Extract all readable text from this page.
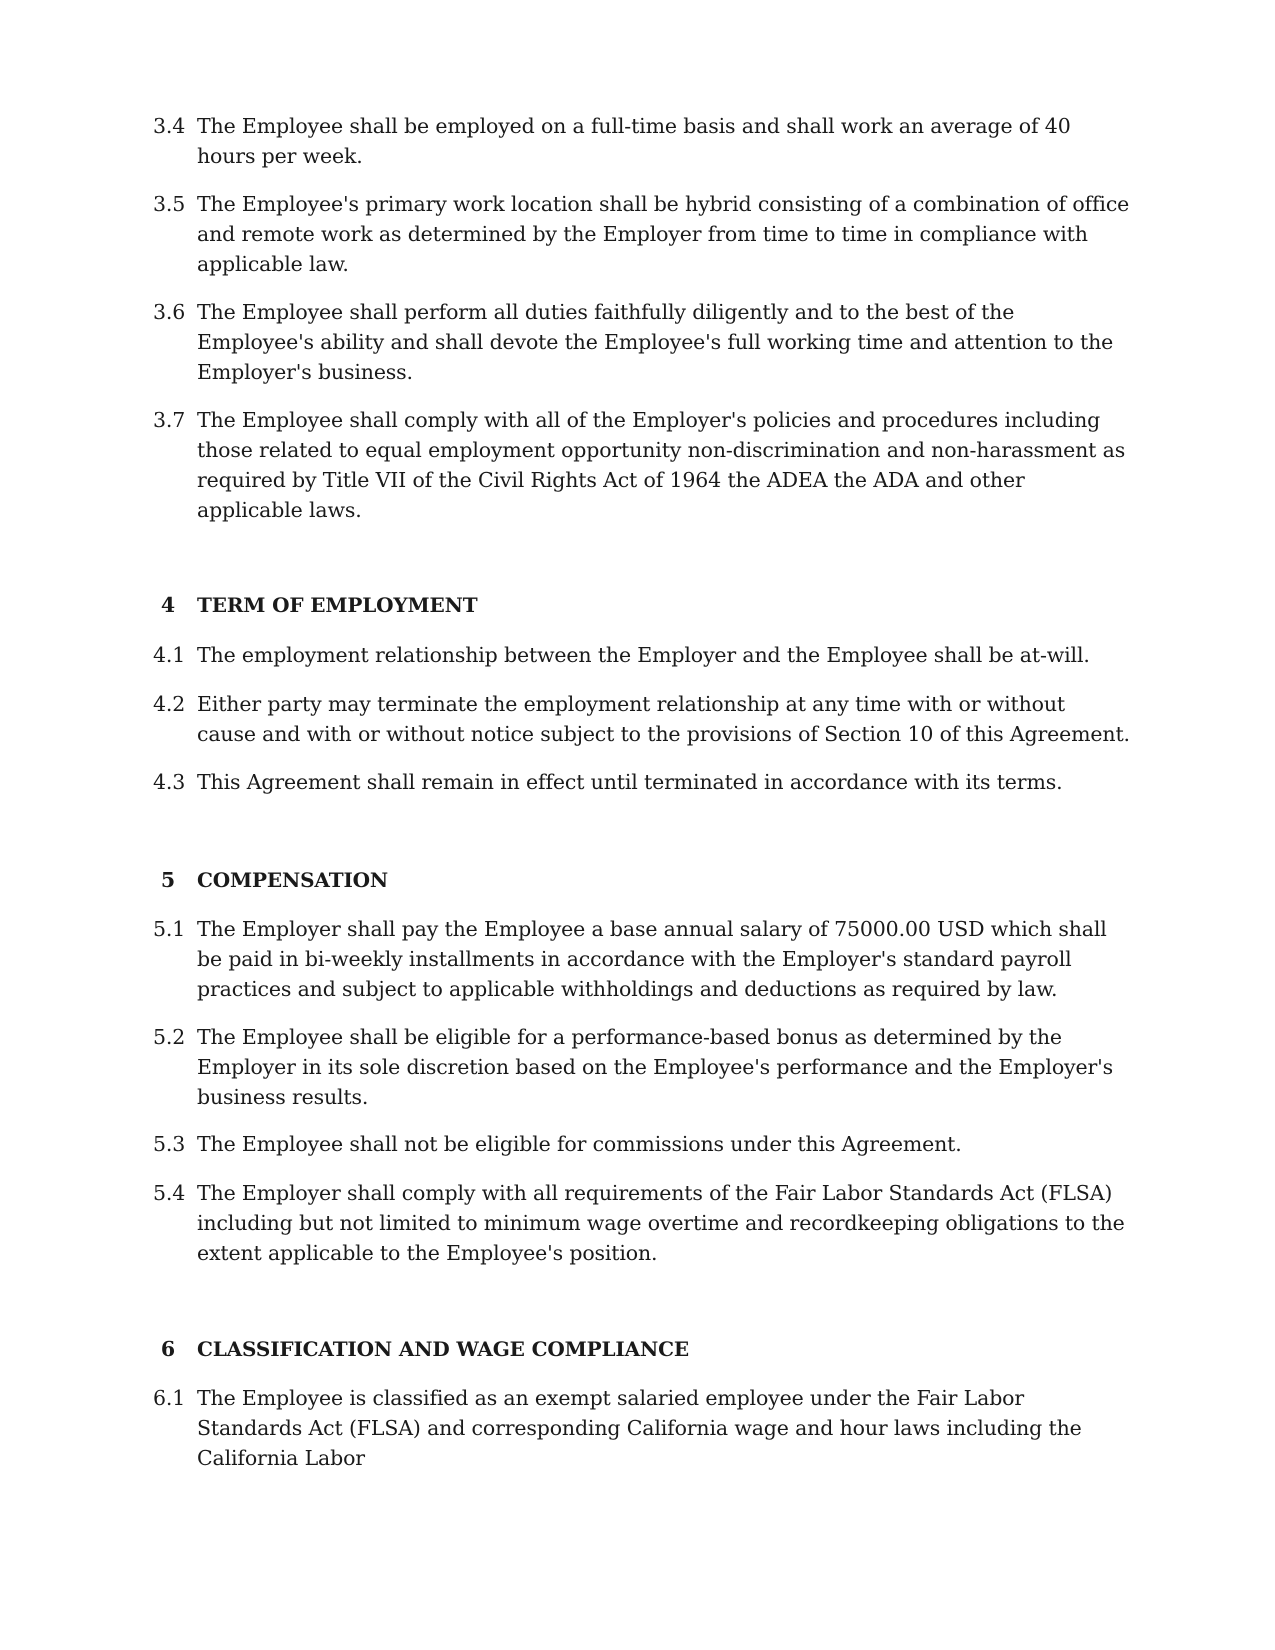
3.4 The Employee shall be employed on a full-time basis and shall work an average of 40 hours per week.
3.5 The Employee's primary work location shall be hybrid consisting of a combination of office and remote work as determined by the Employer from time to time in compliance with applicable law.
3.6 The Employee shall perform all duties faithfully diligently and to the best of the Employee's ability and shall devote the Employee's full working time and attention to the Employer's business.
3.7 The Employee shall comply with all of the Employer's policies and procedures including those related to equal employment opportunity non-discrimination and non-harassment as required by Title VII of the Civil Rights Act of 1964 the ADEA the ADA and other applicable laws.
4	TERM OF EMPLOYMENT
4.1 The employment relationship between the Employer and the Employee shall be at-will.
4.2 Either party may terminate the employment relationship at any time with or without cause and with or without notice subject to the provisions of Section 10 of this Agreement.
4.3 This Agreement shall remain in effect until terminated in accordance with its terms.
5	COMPENSATION
5.1 The Employer shall pay the Employee a base annual salary of 75000.00 USD which shall be paid in bi-weekly installments in accordance with the Employer's standard payroll practices and subject to applicable withholdings and deductions as required by law.
5.2 The Employee shall be eligible for a performance-based bonus as determined by the Employer in its sole discretion based on the Employee's performance and the Employer's business results.
5.3 The Employee shall not be eligible for commissions under this Agreement.
5.4 The Employer shall comply with all requirements of the Fair Labor Standards Act (FLSA) including but not limited to minimum wage overtime and recordkeeping obligations to the extent applicable to the Employee's position.
6	CLASSIFICATION AND WAGE COMPLIANCE
6.1 The Employee is classified as an exempt salaried employee under the Fair Labor Standards Act (FLSA) and corresponding California wage and hour laws including the California Labor
